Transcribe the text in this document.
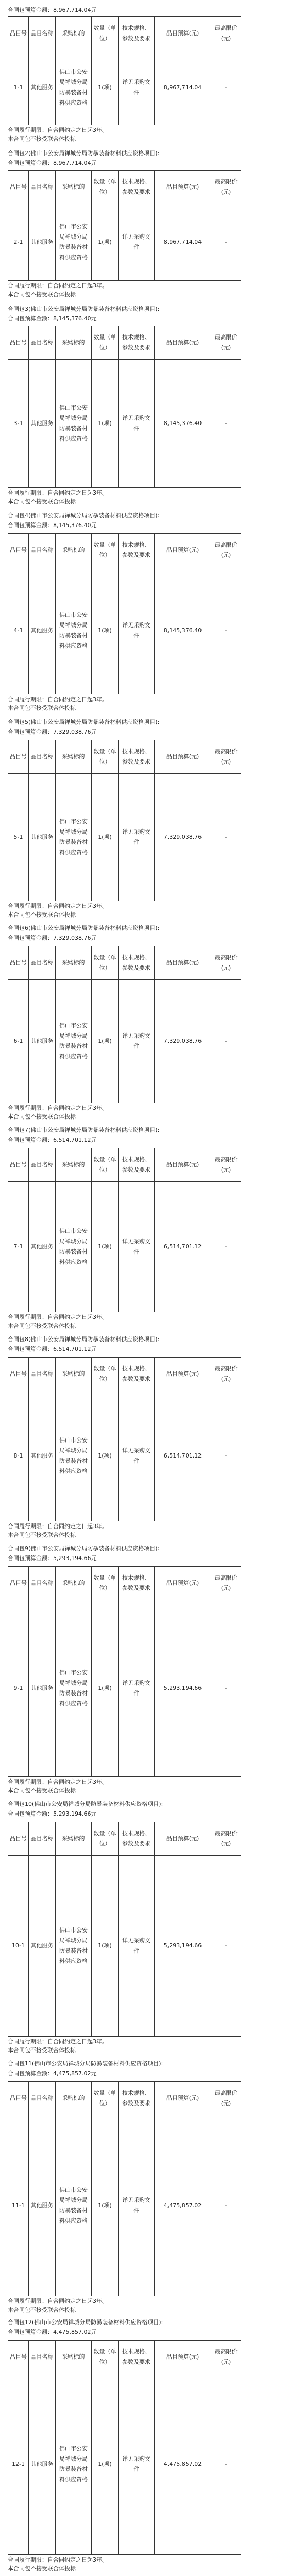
合同包预算金额：8,967,714.04元
品目号	品目名称	采购标的	数量（单位）	技术规格、参数及要求	品目预算(元)	最高限价(元)
1-1	其他服务	佛山市公安局禅城分局防暴装备材料供应资格	1(项)	详见采购文件	8,967,714.04	-
合同履行期限：自合同约定之日起3年。
本合同包不接受联合体投标
合同包2(佛山市公安局禅城分局防暴装备材料供应资格项目):
合同包预算金额：8,967,714.04元
品目号	品目名称	采购标的	数量（单位）	技术规格、参数及要求	品目预算(元)	最高限价(元)
2-1	其他服务	佛山市公安局禅城分局防暴装备材料供应资格	1(项)	详见采购文件	8,967,714.04	-
合同履行期限：自合同约定之日起3年。
本合同包不接受联合体投标
合同包3(佛山市公安局禅城分局防暴装备材料供应资格项目):
合同包预算金额：8,145,376.40元
品目号	品目名称	采购标的	数量（单位）	技术规格、参数及要求	品目预算(元)	最高限价(元)
3-1	其他服务	佛山市公安局禅城分局防暴装备材料供应资格	1(项)	详见采购文件	8,145,376.40	-
合同履行期限：自合同约定之日起3年。
本合同包不接受联合体投标
合同包4(佛山市公安局禅城分局防暴装备材料供应资格项目):
合同包预算金额：8,145,376.40元
品目号	品目名称	采购标的	数量（单位）	技术规格、参数及要求	品目预算(元)	最高限价(元)
4-1	其他服务	佛山市公安局禅城分局防暴装备材料供应资格	1(项)	详见采购文件	8,145,376.40	-
合同履行期限：自合同约定之日起3年。
本合同包不接受联合体投标
合同包5(佛山市公安局禅城分局防暴装备材料供应资格项目):
合同包预算金额：7,329,038.76元
品目号	品目名称	采购标的	数量（单位）	技术规格、参数及要求	品目预算(元)	最高限价(元)
5-1	其他服务	佛山市公安局禅城分局防暴装备材料供应资格	1(项)	详见采购文件	7,329,038.76	-
合同履行期限：自合同约定之日起3年。
本合同包不接受联合体投标
合同包6(佛山市公安局禅城分局防暴装备材料供应资格项目):
合同包预算金额：7,329,038.76元
品目号	品目名称	采购标的	数量（单位）	技术规格、参数及要求	品目预算(元)	最高限价(元)
6-1	其他服务	佛山市公安局禅城分局防暴装备材料供应资格	1(项)	详见采购文件	7,329,038.76	-
合同履行期限：自合同约定之日起3年。
本合同包不接受联合体投标
合同包7(佛山市公安局禅城分局防暴装备材料供应资格项目):
合同包预算金额：6,514,701.12元
品目号	品目名称	采购标的	数量（单位）	技术规格、参数及要求	品目预算(元)	最高限价(元)
7-1	其他服务	佛山市公安局禅城分局防暴装备材料供应资格	1(项)	详见采购文件	6,514,701.12	-
合同履行期限：自合同约定之日起3年。
本合同包不接受联合体投标
合同包8(佛山市公安局禅城分局防暴装备材料供应资格项目):
合同包预算金额：6,514,701.12元
品目号	品目名称	采购标的	数量（单位）	技术规格、参数及要求	品目预算(元)	最高限价(元)
8-1	其他服务	佛山市公安局禅城分局防暴装备材料供应资格	1(项)	详见采购文件	6,514,701.12	-
合同履行期限：自合同约定之日起3年。
本合同包不接受联合体投标
合同包9(佛山市公安局禅城分局防暴装备材料供应资格项目):
合同包预算金额：5,293,194.66元
品目号	品目名称	采购标的	数量（单位）	技术规格、参数及要求	品目预算(元)	最高限价(元)
9-1	其他服务	佛山市公安局禅城分局防暴装备材料供应资格	1(项)	详见采购文件	5,293,194.66	-
合同履行期限：自合同约定之日起3年。
本合同包不接受联合体投标
合同包10(佛山市公安局禅城分局防暴装备材料供应资格项目):
合同包预算金额：5,293,194.66元
品目号	品目名称	采购标的	数量（单位）	技术规格、参数及要求	品目预算(元)	最高限价(元)
10-1	其他服务	佛山市公安局禅城分局防暴装备材料供应资格	1(项)	详见采购文件	5,293,194.66	-
合同履行期限：自合同约定之日起3年。
本合同包不接受联合体投标
合同包11(佛山市公安局禅城分局防暴装备材料供应资格项目):
合同包预算金额：4,475,857.02元
品目号	品目名称	采购标的	数量（单位）	技术规格、参数及要求	品目预算(元)	最高限价(元)
11-1	其他服务	佛山市公安局禅城分局防暴装备材料供应资格	1(项)	详见采购文件	4,475,857.02	-
合同履行期限：自合同约定之日起3年。
本合同包不接受联合体投标
合同包12(佛山市公安局禅城分局防暴装备材料供应资格项目):
合同包预算金额：4,475,857.02元
品目号	品目名称	采购标的	数量（单位）	技术规格、参数及要求	品目预算(元)	最高限价(元)
12-1	其他服务	佛山市公安局禅城分局防暴装备材料供应资格	1(项)	详见采购文件	4,475,857.02	-
合同履行期限：自合同约定之日起3年。
本合同包不接受联合体投标
